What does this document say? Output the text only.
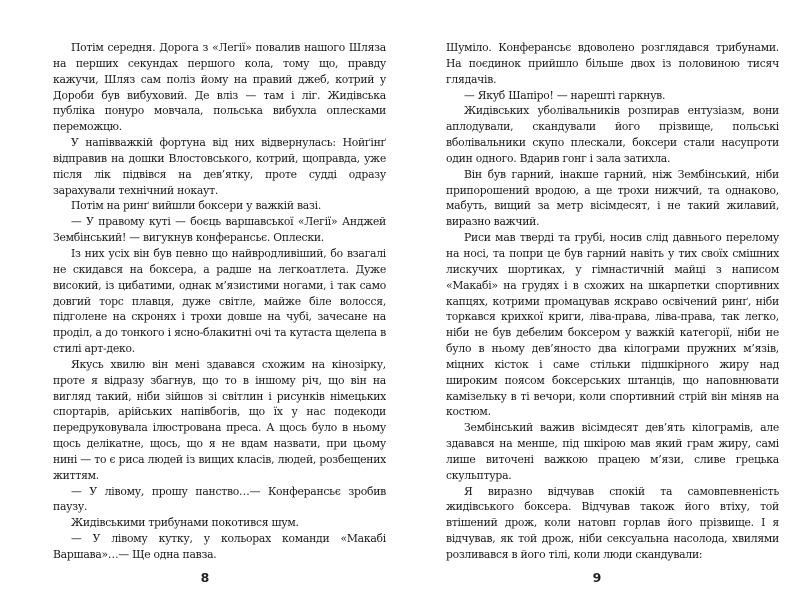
Потім середня. Дорога з «Легії» повалив нашого Шляза на перших секундах першого кола, тому що, правду кажучи, Шляз сам поліз йому на правий джеб, котрий у Дороби був вибуховий. Де вліз — там і ліг. Жидівська публіка понуро мовчала, польська вибухла оплесками переможцю.

У напівважкій фортуна від них відвернулась: Нойґінґ відправив на дошки Влостовського, котрий, щоправда, уже після лік підвівся на дев’ятку, проте судді одразу зарахували технічний нокаут.

Потім на ринґ вийшли боксери у важкій вазі.

— У правому куті — боєць варшавської «Легії» Анджей Зембінський! — вигукнув конферансьє. Оплески.

Із них усіх він був певно що найвродливіший, бо взагалі не скидався на боксера, а радше на легкоатлета. Дуже високий, із цибатими, однак м’язистими ногами, і так само довгий торс плавця, дуже світле, майже біле волосся, підголене на скронях і трохи довше на чубі, зачесане на проділ, а до тонкого і ясно-блакитні очі та кутаста щелепа в стилі арт-деко.

Якусь хвилю він мені здавався схожим на кінозірку, проте я відразу збагнув, що то в іншому річ, що він на вигляд такий, ніби зійшов зі світлин і рисунків німецьких спортарів, арійських напівбогів, що їх у нас подекоди передруковувала ілюстрована преса. А щось було в ньому щось делікатне, щось, що я не вдам назвати, при цьому нині — то є риса людей із вищих класів, людей, розбещених життям.

— У лівому, прошу панство…— Конферансьє зробив паузу.

Жидівськими трибунами покотився шум.

— У лівому кутку, у кольорах команди «Макабі Варшава»…— Ще одна павза.

8

Шуміло. Конферансьє вдоволено розглядався трибунами. На поєдинок прийшло більше двох із половиною тисяч глядачів.

— Якуб Шапіро! — нарешті гаркнув.

Жидівських уболівальників розпирав ентузіазм, вони аплодували, скандували його прізвище, польські вболівальники скупо плескали, боксери стали насупроти один одного. Вдарив гонг і зала затихла.

Він був гарний, інакше гарний, ніж Зембінський, ніби припорошений вродою, а ще трохи нижчий, та однаково, мабуть, вищий за метр вісімдесят, і не такий жилавий, виразно важчий.

Риси мав тверді та грубі, носив слід давнього перелому на носі, та попри це був гарний навіть у тих своїх смішних лискучих шортиках, у гімнастичній майці з написом «Макабі» на грудях і в схожих на шкарпетки спортивних капцях, котрими промацував яскраво освічений ринґ, ніби торкався крихкої криги, ліва-права, ліва-права, так легко, ніби не був дебелим боксером у важкій категорії, ніби не було в ньому дев’яносто два кілограми пружних м’язів, міцних кісток і саме стільки підшкірного жиру над широким поясом боксерських штанців, що наповнювати камізельку в ті вечори, коли спортивний стрій він міняв на костюм.

Зембінський важив вісімдесят дев’ять кілограмів, але здавався на менше, під шкірою мав який грам жиру, самі лише виточені важкою працею м’язи, сливе грецька скульптура.

Я виразно відчував спокій та самовпевненість жидівського боксера. Відчував також його втіху, той втішений дрож, коли натовп горлав його прізвище. І я відчував, як той дрож, ніби сексуальна насолода, хвилями розливався в його тілі, коли люди скандували:

9
